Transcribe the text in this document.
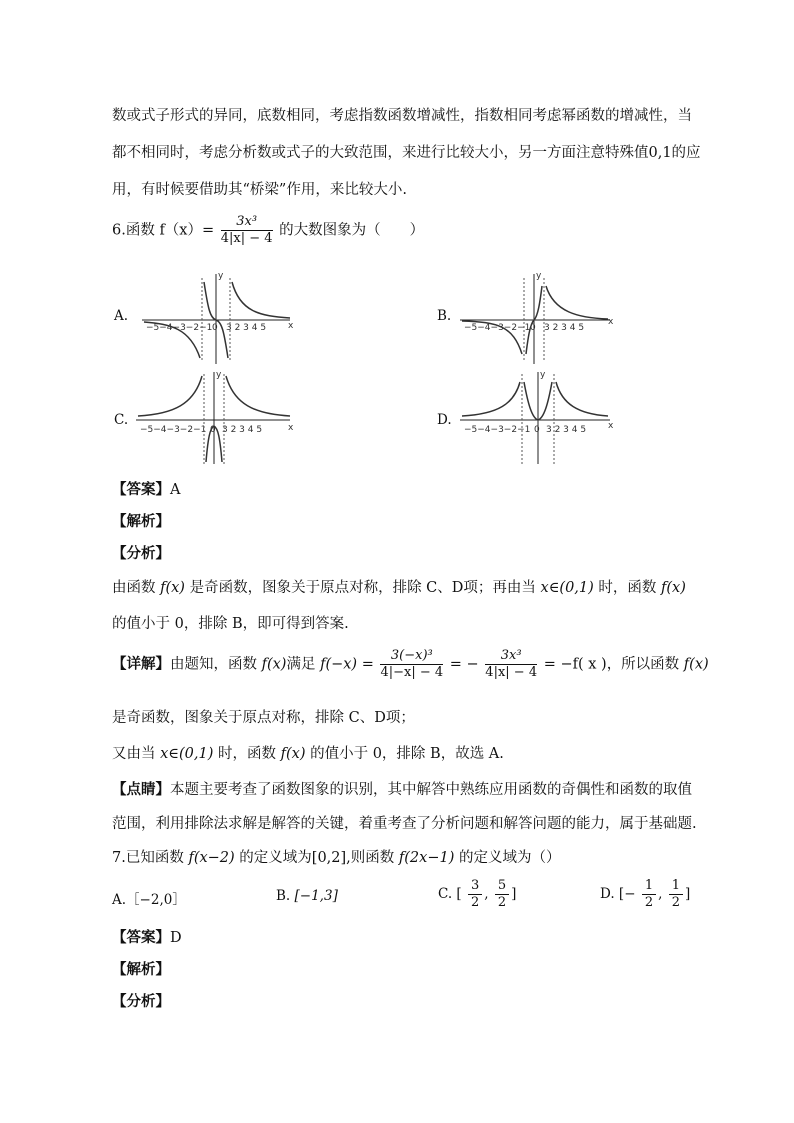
数或式子形式的异同，底数相同，考虑指数函数增减性，指数相同考虑幂函数的增减性，当
都不相同时，考虑分析数或式子的大致范围，来进行比较大小，另一方面注意特殊值0,1的应
用，有时候要借助其“桥梁”作用，来比较大小.
6.函数 $f(x)= \frac{\text{3x³}}{4|x| - 4}$ 的大数图象为（　　）
A.
y
x
−5−4−3−2−1 0 3 2 3 4 5
B.
y
x
−5−4−3−2−1 0 3 2 3 4 5
C.
y
x
−5−4−3−2−1 0 3 2 3 4 5
D.
y
x
−5−4−3−2−1 0 3 2 3 4 5
【答案】A
【解析】
【分析】
由函数 f(x) 是奇函数，图象关于原点对称，排除 C、D项；再由当 x∈(0,1) 时，函数 f(x)
的值小于 0，排除 B，即可得到答案.
【详解】由题知，函数 f(x)满足 $f(-x) = \frac{\text{3(−x)³}}{4|-x| - 4}$ = − $\frac{\text{3x³}}{4|x| - 4} = -f$( x )，所以函数 f(x)
是奇函数，图象关于原点对称，排除 C、D项；
又由当 x∈(0,1) 时，函数 f(x) 的值小于 0，排除 B，故选 A.
【点睛】本题主要考查了函数图象的识别，其中解答中熟练应用函数的奇偶性和函数的取值
范围，利用排除法求解是解答的关键，着重考查了分析问题和解答问题的能力，属于基础题.
7.已知函数 f(x−2) 的定义域为[0,2],则函数 f(2x−1) 的定义域为（）
A.［−2,0］	B. [−1,3]	C. [ $\frac{3}{2}$ , $\frac{5}{2}$ ]	D. [− $\frac{1}{2}$ , $\frac{1}{2}$ ]
【答案】D
【解析】
【分析】
